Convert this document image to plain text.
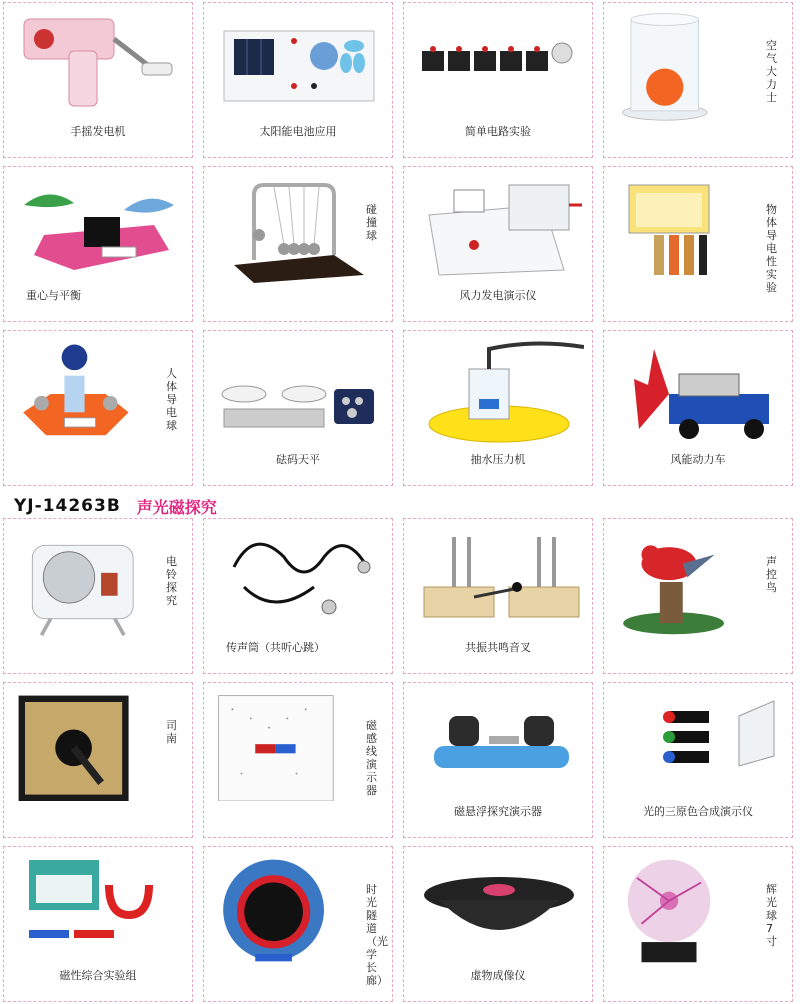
手摇发电机	太阳能电池应用	简单电路实验
空气大力士
重心与平衡
碰撞球
风力发电演示仪
物体导电性实验
人体导电球
砝码天平	抽水压力机	风能动力车
YJ-14263B 声光磁探究
电铃探究
传声筒（共听心跳）	共振共鸣音叉
声控鸟
司南
磁感线演示器
磁悬浮探究演示器	光的三原色合成演示仪
磁性综合实验组
时光隧道（光学长廊）	虚物成像仪
辉光球 7寸
